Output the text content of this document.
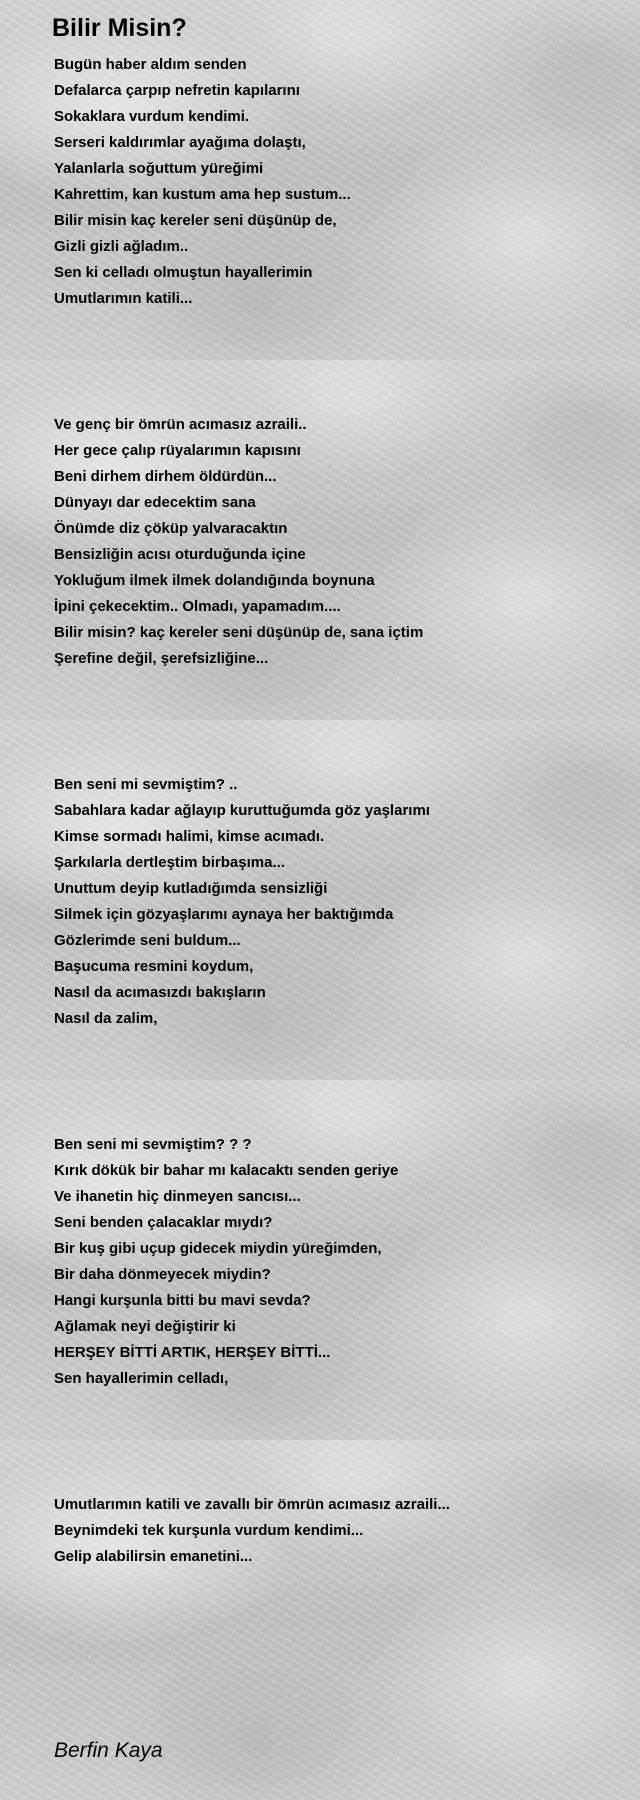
Bilir Misin?
Bugün haber aldım senden
Defalarca çarpıp nefretin kapılarını
Sokaklara vurdum kendimi.
Serseri kaldırımlar ayağıma dolaştı,
Yalanlarla soğuttum yüreğimi
Kahrettim, kan kustum ama hep sustum...
Bilir misin kaç kereler seni düşünüp de,
Gizli gizli ağladım..
Sen ki celladı olmuştun hayallerimin
Umutlarımın katili...
Ve genç bir ömrün acımasız azraili..
Her gece çalıp rüyalarımın kapısını
Beni dirhem dirhem öldürdün...
Dünyayı dar edecektim sana
Önümde diz çöküp yalvaracaktın
Bensizliğin acısı oturduğunda içine
Yokluğum ilmek ilmek dolandığında boynuna
İpini çekecektim.. Olmadı, yapamadım....
Bilir misin? kaç kereler seni düşünüp de, sana içtim
Şerefine değil, şerefsizliğine...
Ben seni mi sevmiştim? ..
Sabahlara kadar ağlayıp kuruttuğumda göz yaşlarımı
Kimse sormadı halimi, kimse acımadı.
Şarkılarla dertleştim birbaşıma...
Unuttum deyip kutladığımda sensizliği
Silmek için gözyaşlarımı aynaya her baktığımda
Gözlerimde seni buldum...
Başucuma resmini koydum,
Nasıl da acımasızdı bakışların
Nasıl da zalim,
Ben seni mi sevmiştim? ? ?
Kırık dökük bir bahar mı kalacaktı senden geriye
Ve ihanetin hiç dinmeyen sancısı...
Seni benden çalacaklar mıydı?
Bir kuş gibi uçup gidecek miydin yüreğimden,
Bir daha dönmeyecek miydin?
Hangi kurşunla bitti bu mavi sevda?
Ağlamak neyi değiştirir ki
HERŞEY BİTTİ ARTIK, HERŞEY BİTTİ...
Sen hayallerimin celladı,
Umutlarımın katili ve zavallı bir ömrün acımasız azraili...
Beynimdeki tek kurşunla vurdum kendimi...
Gelip alabilirsin emanetini...
Berfin Kaya
